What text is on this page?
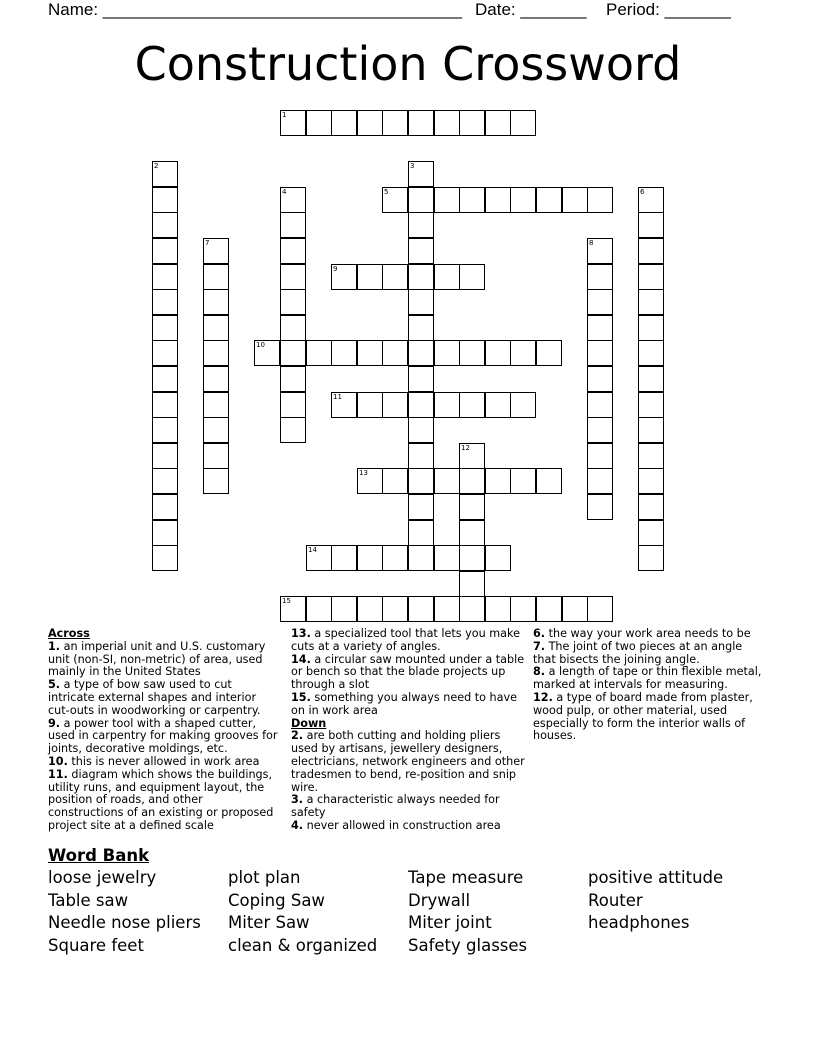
Name: ______________________________________ Date: _______ Period: _______
Construction Crossword
1
2	3
4	5	6
7	8
9
10
11
12
13
14
15
Across
1. an imperial unit and U.S. customary unit (non-SI, non-metric) of area, used mainly in the United States
5. a type of bow saw used to cut intricate external shapes and interior cut-outs in woodworking or carpentry.
9. a power tool with a shaped cutter, used in carpentry for making grooves for joints, decorative moldings, etc.
10. this is never allowed in work area
11. diagram which shows the buildings, utility runs, and equipment layout, the position of roads, and other constructions of an existing or proposed project site at a defined scale
13. a specialized tool that lets you make cuts at a variety of angles.
14. a circular saw mounted under a table or bench so that the blade projects up through a slot
15. something you always need to have on in work area
Down
2. are both cutting and holding pliers used by artisans, jewellery designers, electricians, network engineers and other tradesmen to bend, re-position and snip wire.
3. a characteristic always needed for safety
4. never allowed in construction area
6. the way your work area needs to be
7. The joint of two pieces at an angle that bisects the joining angle.
8. a length of tape or thin flexible metal, marked at intervals for measuring.
12. a type of board made from plaster, wood pulp, or other material, used especially to form the interior walls of houses.
Word Bank
loose jewelry
Table saw
Needle nose pliers
Square feet
plot plan
Coping Saw
Miter Saw
clean & organized
Tape measure
Drywall
Miter joint
Safety glasses
positive attitude
Router
headphones
